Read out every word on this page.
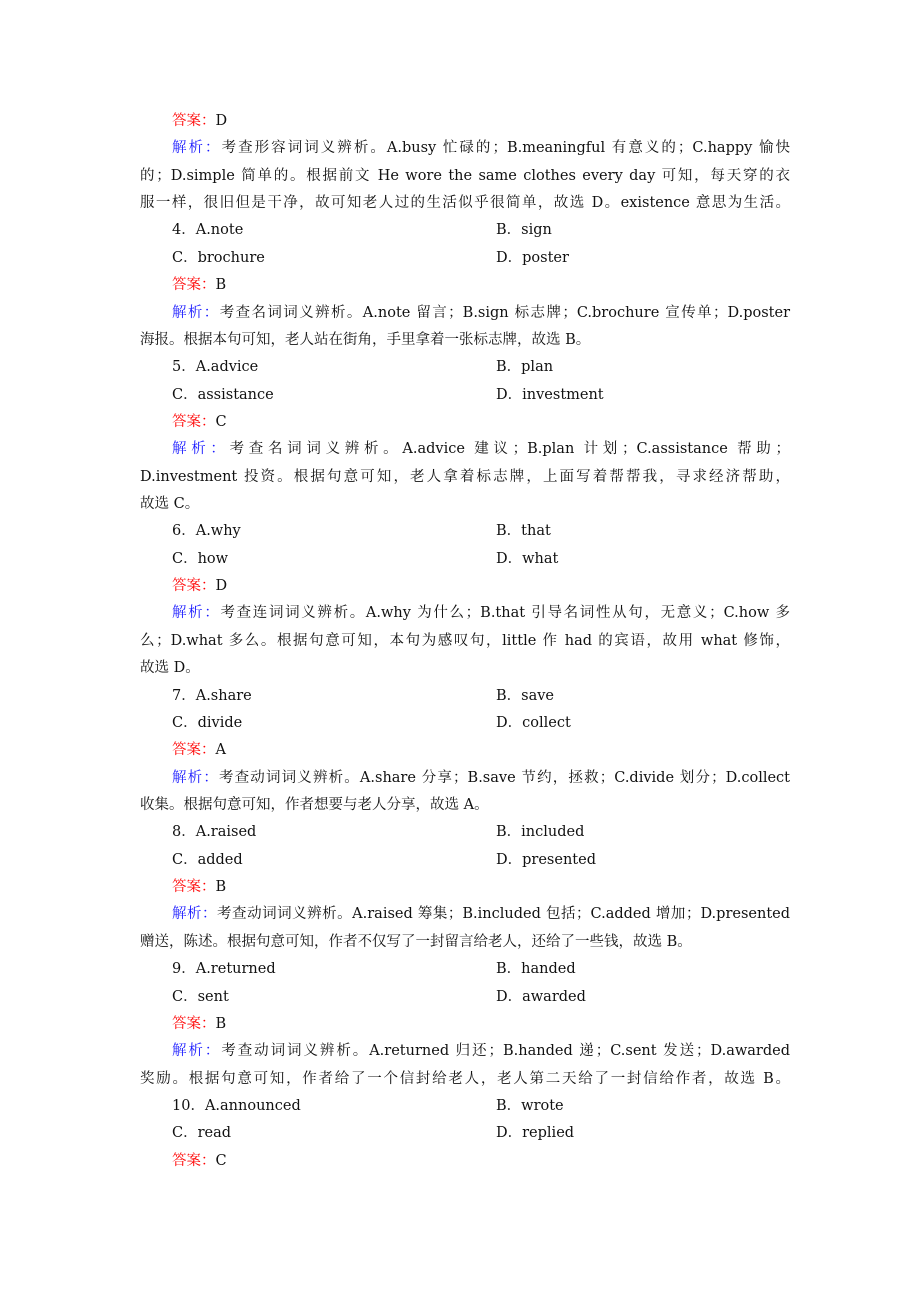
答案：D
解析：考查形容词词义辨析。A.busy 忙碌的；B.meaningful 有意义的；C.happy 愉快
的；D.simple 简单的。根据前文 He wore the same clothes every day 可知，每天穿的衣
服一样，很旧但是干净，故可知老人过的生活似乎很简单，故选 D。existence 意思为生活。
4．A.note	B．sign
C．brochure	D．poster
答案：B
解析：考查名词词义辨析。A.note 留言；B.sign 标志牌；C.brochure 宣传单；D.poster
海报。根据本句可知，老人站在街角，手里拿着一张标志牌，故选 B。
5．A.advice	B．plan
C．assistance	D．investment
答案：C
解析：考查名词词义辨析。A.advice 建议；B.plan 计划；C.assistance 帮助；
D.investment 投资。根据句意可知，老人拿着标志牌，上面写着帮帮我，寻求经济帮助，
故选 C。
6．A.why	B．that
C．how	D．what
答案：D
解析：考查连词词义辨析。A.why 为什么；B.that 引导名词性从句，无意义；C.how 多
么；D.what 多么。根据句意可知，本句为感叹句，little 作 had 的宾语，故用 what 修饰，
故选 D。
7．A.share	B．save
C．divide	D．collect
答案：A
解析：考查动词词义辨析。A.share 分享；B.save 节约，拯救；C.divide 划分；D.collect
收集。根据句意可知，作者想要与老人分享，故选 A。
8．A.raised	B．included
C．added	D．presented
答案：B
解析：考查动词词义辨析。A.raised 筹集；B.included 包括；C.added 增加；D.presented
赠送，陈述。根据句意可知，作者不仅写了一封留言给老人，还给了一些钱，故选 B。
9．A.returned	B．handed
C．sent	D．awarded
答案：B
解析：考查动词词义辨析。A.returned 归还；B.handed 递；C.sent 发送；D.awarded
奖励。根据句意可知，作者给了一个信封给老人，老人第二天给了一封信给作者，故选 B。
10．A.announced	B．wrote
C．read	D．replied
答案：C
